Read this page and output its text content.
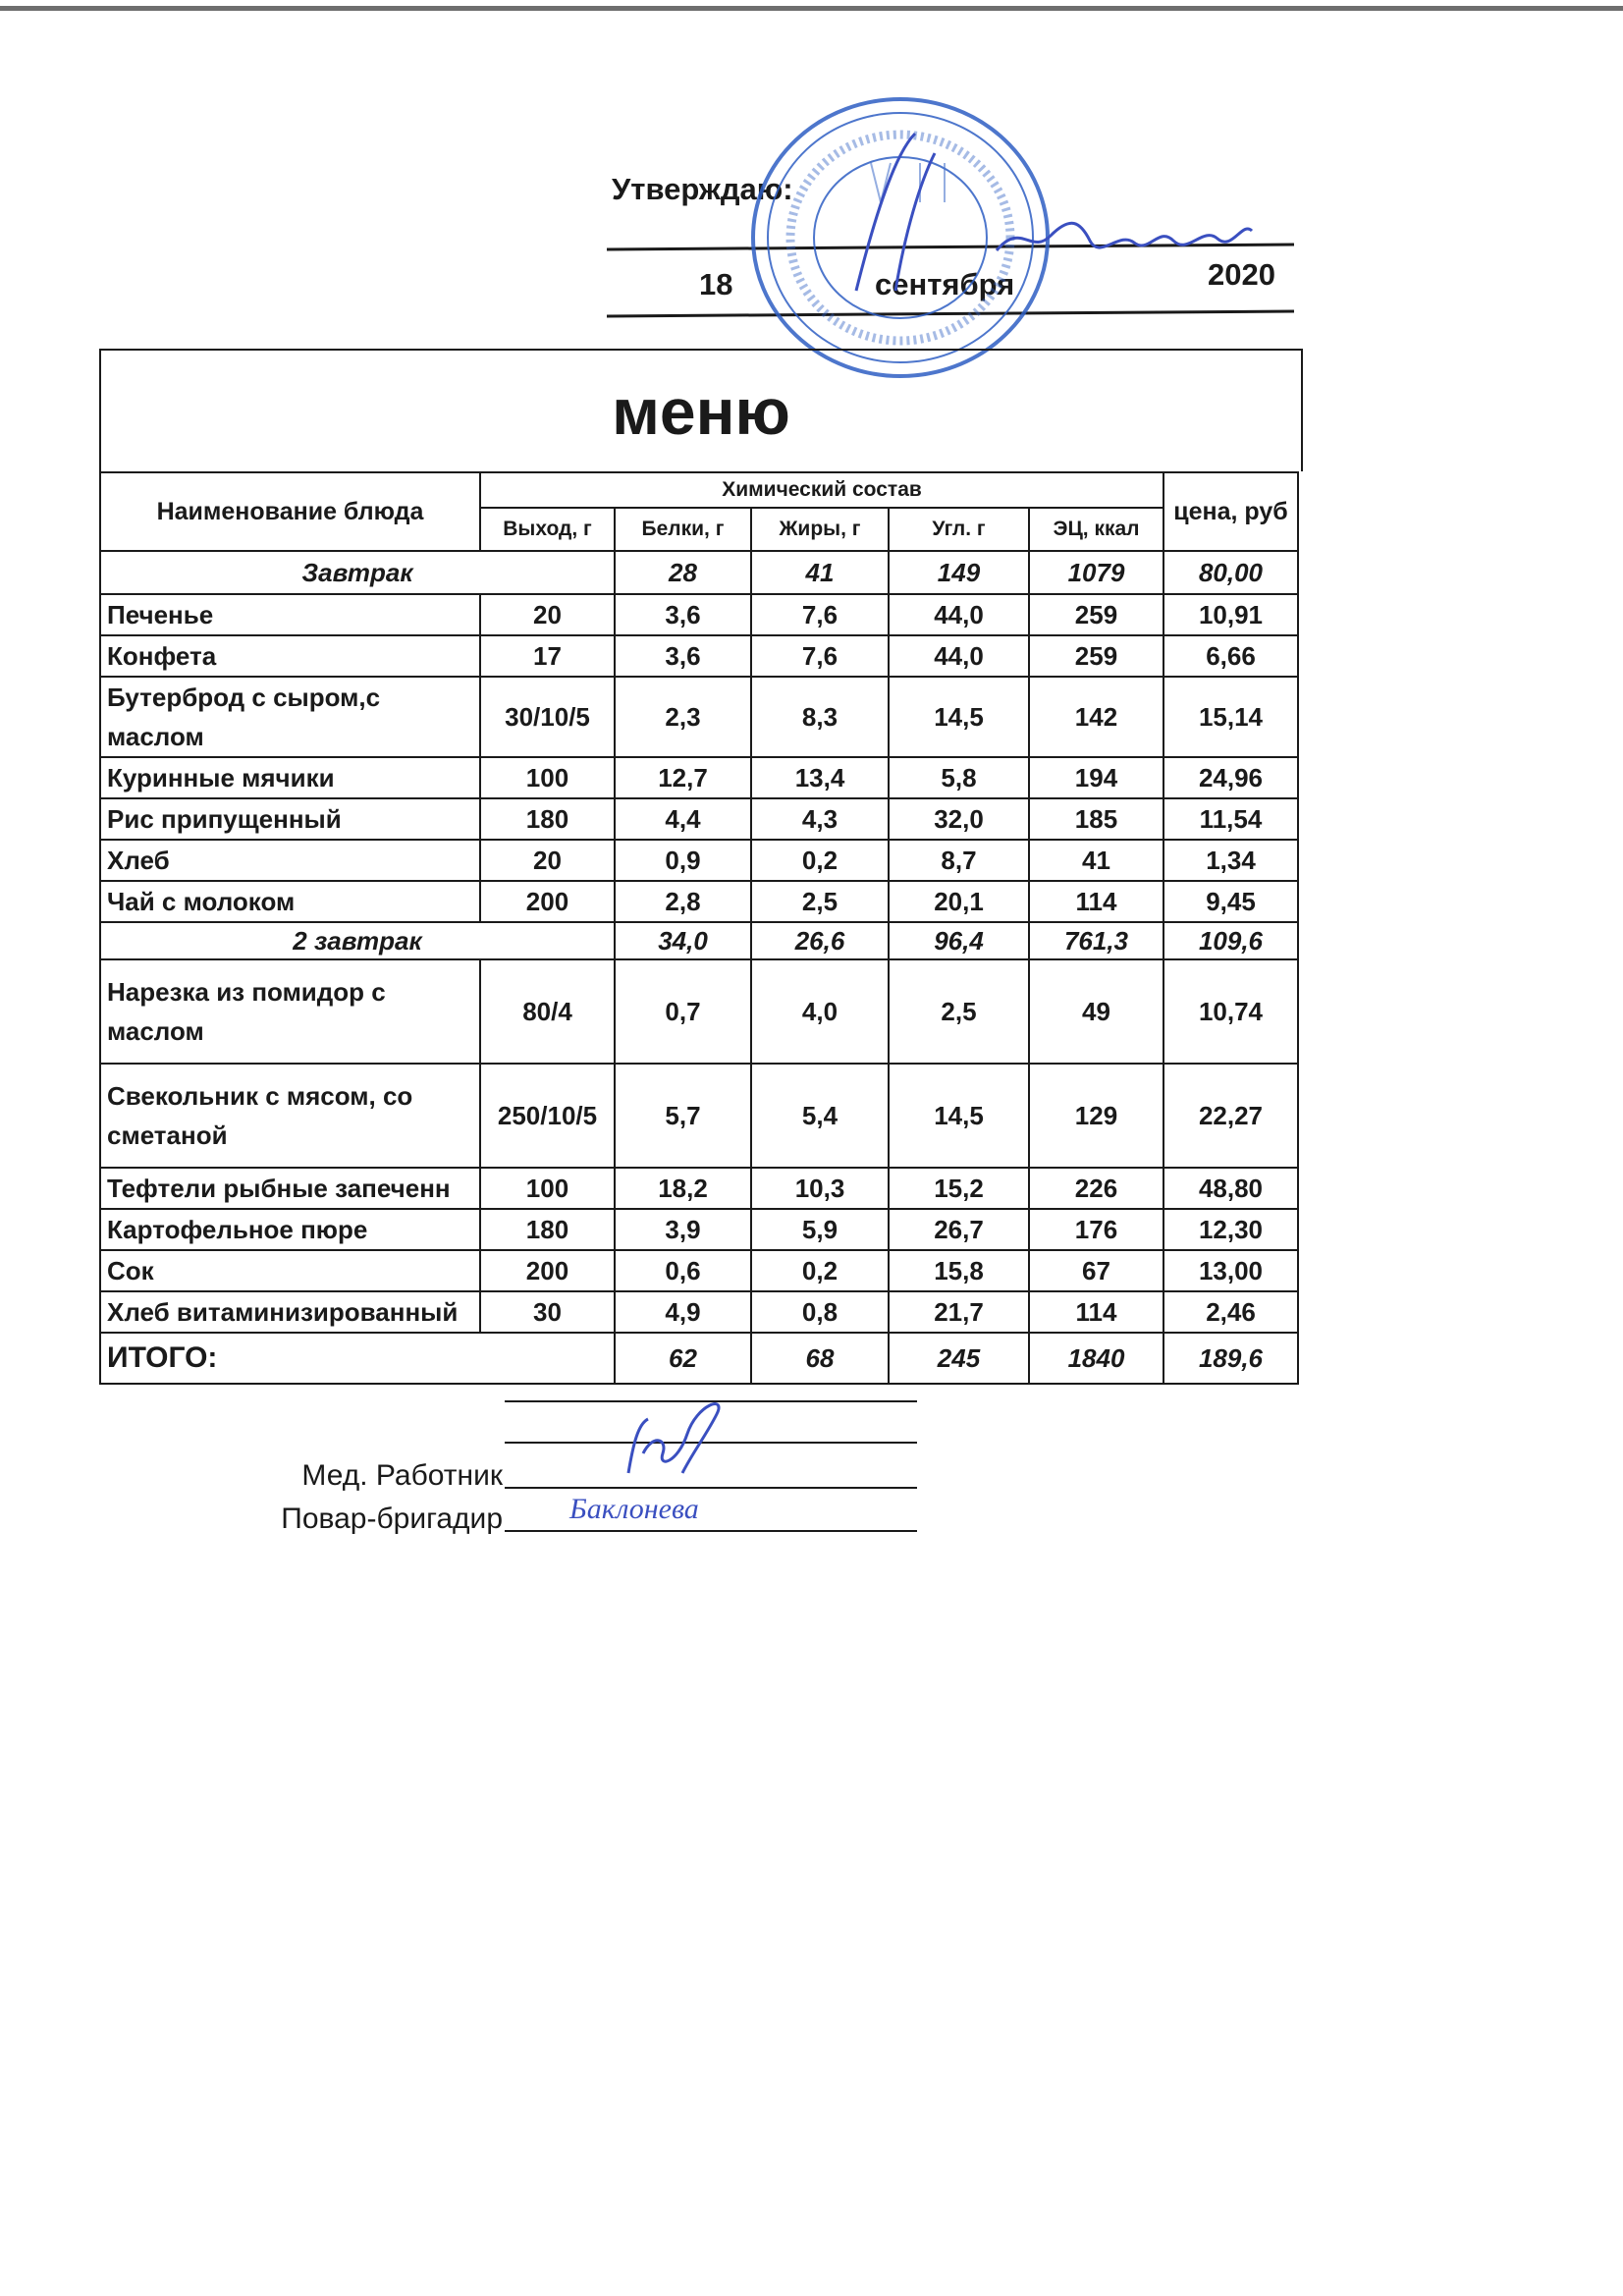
Утверждаю:
18	сентября	2020
меню
Наименование блюда	Химический состав					цена, руб
	Выход, г	Белки, г	Жиры, г	Угл. г	ЭЦ, ккал	
Завтрак		28	41	149	1079	80,00
Печенье	20	3,6	7,6	44,0	259	10,91
Конфета	17	3,6	7,6	44,0	259	6,66
Бутерброд с сыром,с маслом	30/10/5	2,3	8,3	14,5	142	15,14
Куринные мячики	100	12,7	13,4	5,8	194	24,96
Рис припущенный	180	4,4	4,3	32,0	185	11,54
Хлеб	20	0,9	0,2	8,7	41	1,34
Чай с молоком	200	2,8	2,5	20,1	114	9,45
2 завтрак		34,0	26,6	96,4	761,3	109,6
Нарезка из помидор с маслом	80/4	0,7	4,0	2,5	49	10,74
Свекольник с мясом, со сметаной	250/10/5	5,7	5,4	14,5	129	22,27
Тефтели рыбные запеченн	100	18,2	10,3	15,2	226	48,80
Картофельное пюре	180	3,9	5,9	26,7	176	12,30
Сок	200	0,6	0,2	15,8	67	13,00
Хлеб витаминизированный	30	4,9	0,8	21,7	114	2,46
ИТОГО:		62	68	245	1840	189,6
Мед. Работник
Повар-бригадир Баклонева
